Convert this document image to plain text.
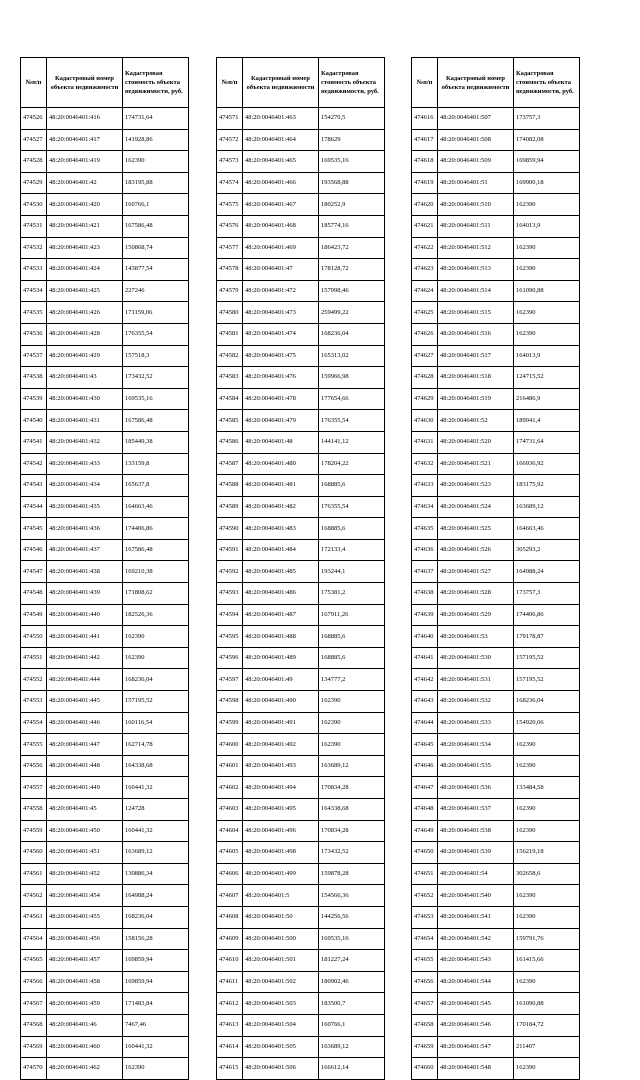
№п/п	Кадастровый номер объекта недвижимости	Кадастровая стоимость объекта недвижимости, руб.
474526	48:20:0046401:416	174731,64
474527	48:20:0046401:417	141928,86
474528	48:20:0046401:419	162390
474529	48:20:0046401:42	183195,88
474530	48:20:0046401:420	160766,1
474531	48:20:0046401:421	167586,48
474532	48:20:0046401:423	150868,74
474533	48:20:0046401:424	143877,54
474534	48:20:0046401:425	227246
474535	48:20:0046401:426	171159,06
474536	48:20:0046401:428	176355,54
474537	48:20:0046401:429	157518,3
474538	48:20:0046401:43	173432,52
474539	48:20:0046401:430	169535,16
474540	48:20:0046401:431	167586,48
474541	48:20:0046401:432	185449,38
474542	48:20:0046401:433	133159,8
474543	48:20:0046401:434	165637,8
474544	48:20:0046401:435	164663,46
474545	48:20:0046401:436	174406,86
474546	48:20:0046401:437	167586,48
474547	48:20:0046401:438	169210,38
474548	48:20:0046401:439	171808,62
474549	48:20:0046401:440	182526,36
474550	48:20:0046401:441	162390
474551	48:20:0046401:442	162390
474552	48:20:0046401:444	168236,04
474553	48:20:0046401:445	157195,52
474554	48:20:0046401:446	160116,54
474555	48:20:0046401:447	162714,78
474556	48:20:0046401:448	164338,68
474557	48:20:0046401:449	160441,32
474558	48:20:0046401:45	124728
474559	48:20:0046401:450	160441,32
474560	48:20:0046401:451	163689,12
474561	48:20:0046401:452	130886,34
474562	48:20:0046401:454	164988,24
474563	48:20:0046401:455	168236,04
474564	48:20:0046401:456	158156,28
474565	48:20:0046401:457	169859,94
474566	48:20:0046401:458	169859,94
474567	48:20:0046401:459	171483,84
474568	48:20:0046401:46	7467,46
474569	48:20:0046401:460	160441,32
474570	48:20:0046401:462	162390
№п/п	Кадастровый номер объекта недвижимости	Кадастровая стоимость объекта недвижимости, руб.
474571	48:20:0046401:463	154270,5
474572	48:20:0046401:464	178629
474573	48:20:0046401:465	169535,16
474574	48:20:0046401:466	193568,88
474575	48:20:0046401:467	180252,9
474576	48:20:0046401:468	185774,16
474577	48:20:0046401:469	186423,72
474578	48:20:0046401:47	178128,72
474579	48:20:0046401:472	157998,46
474580	48:20:0046401:473	259499,22
474581	48:20:0046401:474	168236,04
474582	48:20:0046401:475	165313,02
474583	48:20:0046401:476	159966,98
474584	48:20:0046401:478	177654,66
474585	48:20:0046401:479	176355,54
474586	48:20:0046401:48	144141,12
474587	48:20:0046401:480	178204,22
474588	48:20:0046401:481	168885,6
474589	48:20:0046401:482	176355,54
474590	48:20:0046401:483	168885,6
474591	48:20:0046401:484	172133,4
474592	48:20:0046401:485	193244,1
474593	48:20:0046401:486	175381,2
474594	48:20:0046401:487	167911,26
474595	48:20:0046401:488	168885,6
474596	48:20:0046401:489	168885,6
474597	48:20:0046401:49	134777,2
474598	48:20:0046401:490	162390
474599	48:20:0046401:491	162390
474600	48:20:0046401:492	162390
474601	48:20:0046401:493	163689,12
474602	48:20:0046401:494	170834,28
474603	48:20:0046401:495	164338,68
474604	48:20:0046401:496	170834,28
474605	48:20:0046401:498	173432,52
474606	48:20:0046401:499	159878,28
474607	48:20:0046401:5	154566,36
474608	48:20:0046401:50	144256,56
474609	48:20:0046401:500	169535,16
474610	48:20:0046401:501	181227,24
474611	48:20:0046401:502	180902,46
474612	48:20:0046401:503	183500,7
474613	48:20:0046401:504	160766,1
474614	48:20:0046401:505	163689,12
474615	48:20:0046401:506	166612,14
№п/п	Кадастровый номер объекта недвижимости	Кадастровая стоимость объекта недвижимости, руб.
474616	48:20:0046401:507	173757,3
474617	48:20:0046401:508	174082,08
474618	48:20:0046401:509	169859,94
474619	48:20:0046401:51	169900,18
474620	48:20:0046401:510	162390
474621	48:20:0046401:511	164013,9
474622	48:20:0046401:512	162390
474623	48:20:0046401:513	162390
474624	48:20:0046401:514	161090,88
474625	48:20:0046401:515	162390
474626	48:20:0046401:516	162390
474627	48:20:0046401:517	164013,9
474628	48:20:0046401:518	124715,52
474629	48:20:0046401:519	216486,9
474630	48:20:0046401:52	189941,4
474631	48:20:0046401:520	174731,64
474632	48:20:0046401:521	166936,92
474633	48:20:0046401:523	183175,92
474634	48:20:0046401:524	163689,12
474635	48:20:0046401:525	164663,46
474636	48:20:0046401:526	305293,2
474637	48:20:0046401:527	164988,24
474638	48:20:0046401:528	173757,3
474639	48:20:0046401:529	174406,86
474640	48:20:0046401:53	179178,87
474641	48:20:0046401:530	157195,52
474642	48:20:0046401:531	157195,52
474643	48:20:0046401:532	168236,04
474644	48:20:0046401:533	154920,06
474645	48:20:0046401:534	162390
474646	48:20:0046401:535	162390
474647	48:20:0046401:536	133484,58
474648	48:20:0046401:537	162390
474649	48:20:0046401:538	162390
474650	48:20:0046401:539	156219,18
474651	48:20:0046401:54	302658,6
474652	48:20:0046401:540	162390
474653	48:20:0046401:541	162390
474654	48:20:0046401:542	159791,76
474655	48:20:0046401:543	161415,66
474656	48:20:0046401:544	162390
474657	48:20:0046401:545	161090,88
474658	48:20:0046401:546	170184,72
474659	48:20:0046401:547	211407
474660	48:20:0046401:548	162390
